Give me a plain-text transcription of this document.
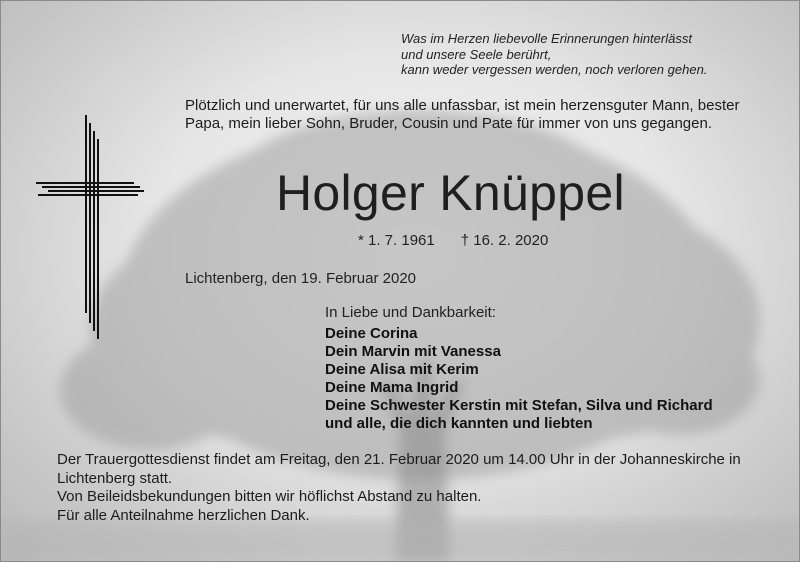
Was im Herzen liebevolle Erinnerungen hinterlässt
und unsere Seele berührt,
kann weder vergessen werden, noch verloren gehen.
Plötzlich und unerwartet, für uns alle unfassbar, ist mein herzensguter Mann, bester Papa, mein lieber Sohn, Bruder, Cousin und Pate für immer von uns gegangen.
Holger Knüppel
* 1. 7. 1961 † 16. 2. 2020
Lichtenberg, den 19. Februar 2020
In Liebe und Dankbarkeit:
Deine Corina
Dein Marvin mit Vanessa
Deine Alisa mit Kerim
Deine Mama Ingrid
Deine Schwester Kerstin mit Stefan, Silva und Richard
und alle, die dich kannten und liebten

Der Trauergottesdienst findet am Freitag, den 21. Februar 2020 um 14.00 Uhr in der Johanneskirche in Lichtenberg statt.

Von Beileidsbekundungen bitten wir höflichst Abstand zu halten.

Für alle Anteilnahme herzlichen Dank.
